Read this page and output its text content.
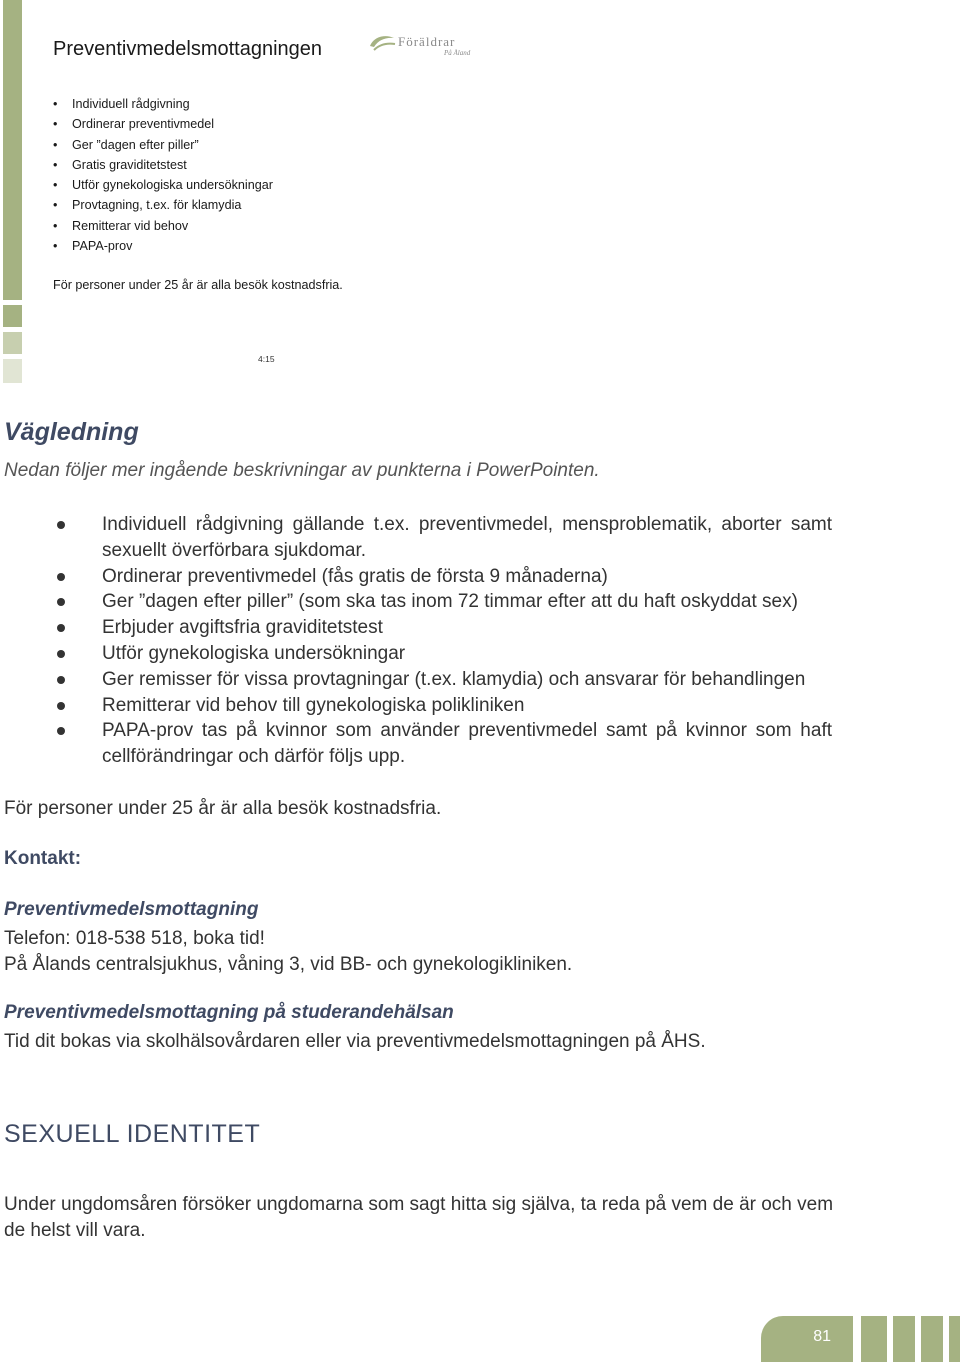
Preventivmedelsmottagningen	Föräldrar
På Åland
• Individuell rådgivning
• Ordinerar preventivmedel
• Ger ”dagen efter piller”
• Gratis graviditetstest
• Utför gynekologiska undersökningar
• Provtagning, t.ex. för klamydia
• Remitterar vid behov
• PAPA-prov

För personer under 25 år är alla besök kostnadsfria.

4:15
Vägledning

Nedan följer mer ingående beskrivningar av punkterna i PowerPointen.

Individuell rådgivning gällande t.ex. preventivmedel, mensproblematik, aborter samt sexuellt överförbara sjukdomar.
Ordinerar preventivmedel (fås gratis de första 9 månaderna)
Ger ”dagen efter piller” (som ska tas inom 72 timmar efter att du haft oskyddat sex)
Erbjuder avgiftsfria graviditetstest
Utför gynekologiska undersökningar
Ger remisser för vissa provtagningar (t.ex. klamydia) och ansvarar för behandlingen
Remitterar vid behov till gynekologiska polikliniken
PAPA-prov tas på kvinnor som använder preventivmedel samt på kvinnor som haft cellförändringar och därför följs upp.

För personer under 25 år är alla besök kostnadsfria.

Kontakt:

Preventivmedelsmottagning

Telefon: 018-538 518, boka tid!

På Ålands centralsjukhus, våning 3, vid BB- och gynekologikliniken.

Preventivmedelsmottagning på studerandehälsan

Tid dit bokas via skolhälsovårdaren eller via preventivmedelsmottagningen på ÅHS.

SEXUELL IDENTITET

Under ungdomsåren försöker ungdomarna som sagt hitta sig själva, ta reda på vem de är och vem de helst vill vara.

81
